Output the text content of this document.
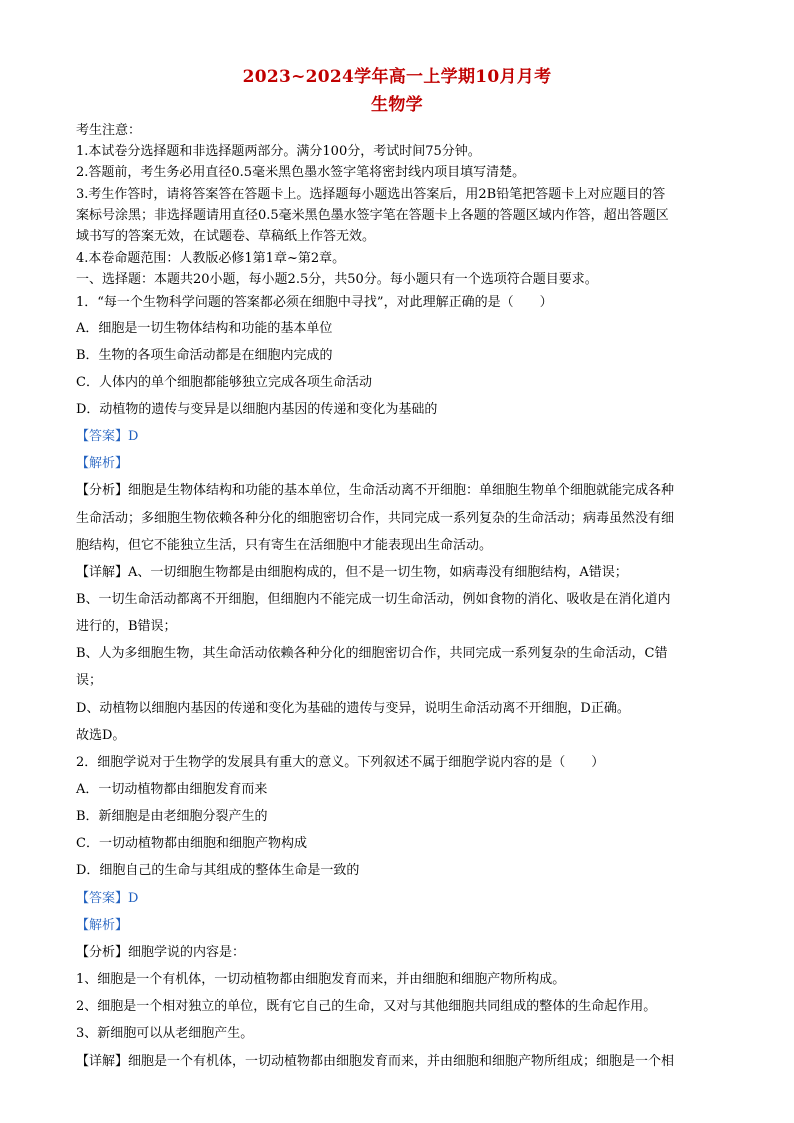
2023~2024学年高一上学期10月月考
生物学
考生注意：
1.本试卷分选择题和非选择题两部分。满分100分，考试时间75分钟。
2.答题前，考生务必用直径0.5毫米黑色墨水签字笔将密封线内项目填写清楚。
3.考生作答时，请将答案答在答题卡上。选择题每小题选出答案后，用2B铅笔把答题卡上对应题目的答
案标号涂黑；非选择题请用直径0.5毫米黑色墨水签字笔在答题卡上各题的答题区域内作答，超出答题区
域书写的答案无效，在试题卷、草稿纸上作答无效。
4.本卷命题范围：人教版必修1第1章~第2章。
一、选择题：本题共20小题，每小题2.5分，共50分。每小题只有一个选项符合题目要求。
1．“每一个生物科学问题的答案都必须在细胞中寻找”，对此理解正确的是（　　）
A．细胞是一切生物体结构和功能的基本单位
B．生物的各项生命活动都是在细胞内完成的
C．人体内的单个细胞都能够独立完成各项生命活动
D．动植物的遗传与变异是以细胞内基因的传递和变化为基础的
【答案】D
【解析】
【分析】细胞是生物体结构和功能的基本单位，生命活动离不开细胞：单细胞生物单个细胞就能完成各种
生命活动；多细胞生物依赖各种分化的细胞密切合作，共同完成一系列复杂的生命活动；病毒虽然没有细
胞结构，但它不能独立生活，只有寄生在活细胞中才能表现出生命活动。
【详解】A、一切细胞生物都是由细胞构成的，但不是一切生物，如病毒没有细胞结构，A错误；
B、一切生命活动都离不开细胞，但细胞内不能完成一切生命活动，例如食物的消化、吸收是在消化道内
进行的，B错误；
B、人为多细胞生物，其生命活动依赖各种分化的细胞密切合作，共同完成一系列复杂的生命活动，C错
误；
D、动植物以细胞内基因的传递和变化为基础的遗传与变异，说明生命活动离不开细胞，D正确。
故选D。
2．细胞学说对于生物学的发展具有重大的意义。下列叙述不属于细胞学说内容的是（　　）
A．一切动植物都由细胞发育而来
B．新细胞是由老细胞分裂产生的
C．一切动植物都由细胞和细胞产物构成
D．细胞自己的生命与其组成的整体生命是一致的
【答案】D
【解析】
【分析】细胞学说的内容是：
1、细胞是一个有机体，一切动植物都由细胞发育而来，并由细胞和细胞产物所构成。
2、细胞是一个相对独立的单位，既有它自己的生命，又对与其他细胞共同组成的整体的生命起作用。
3、新细胞可以从老细胞产生。
【详解】细胞是一个有机体，一切动植物都由细胞发育而来，并由细胞和细胞产物所组成；细胞是一个相
